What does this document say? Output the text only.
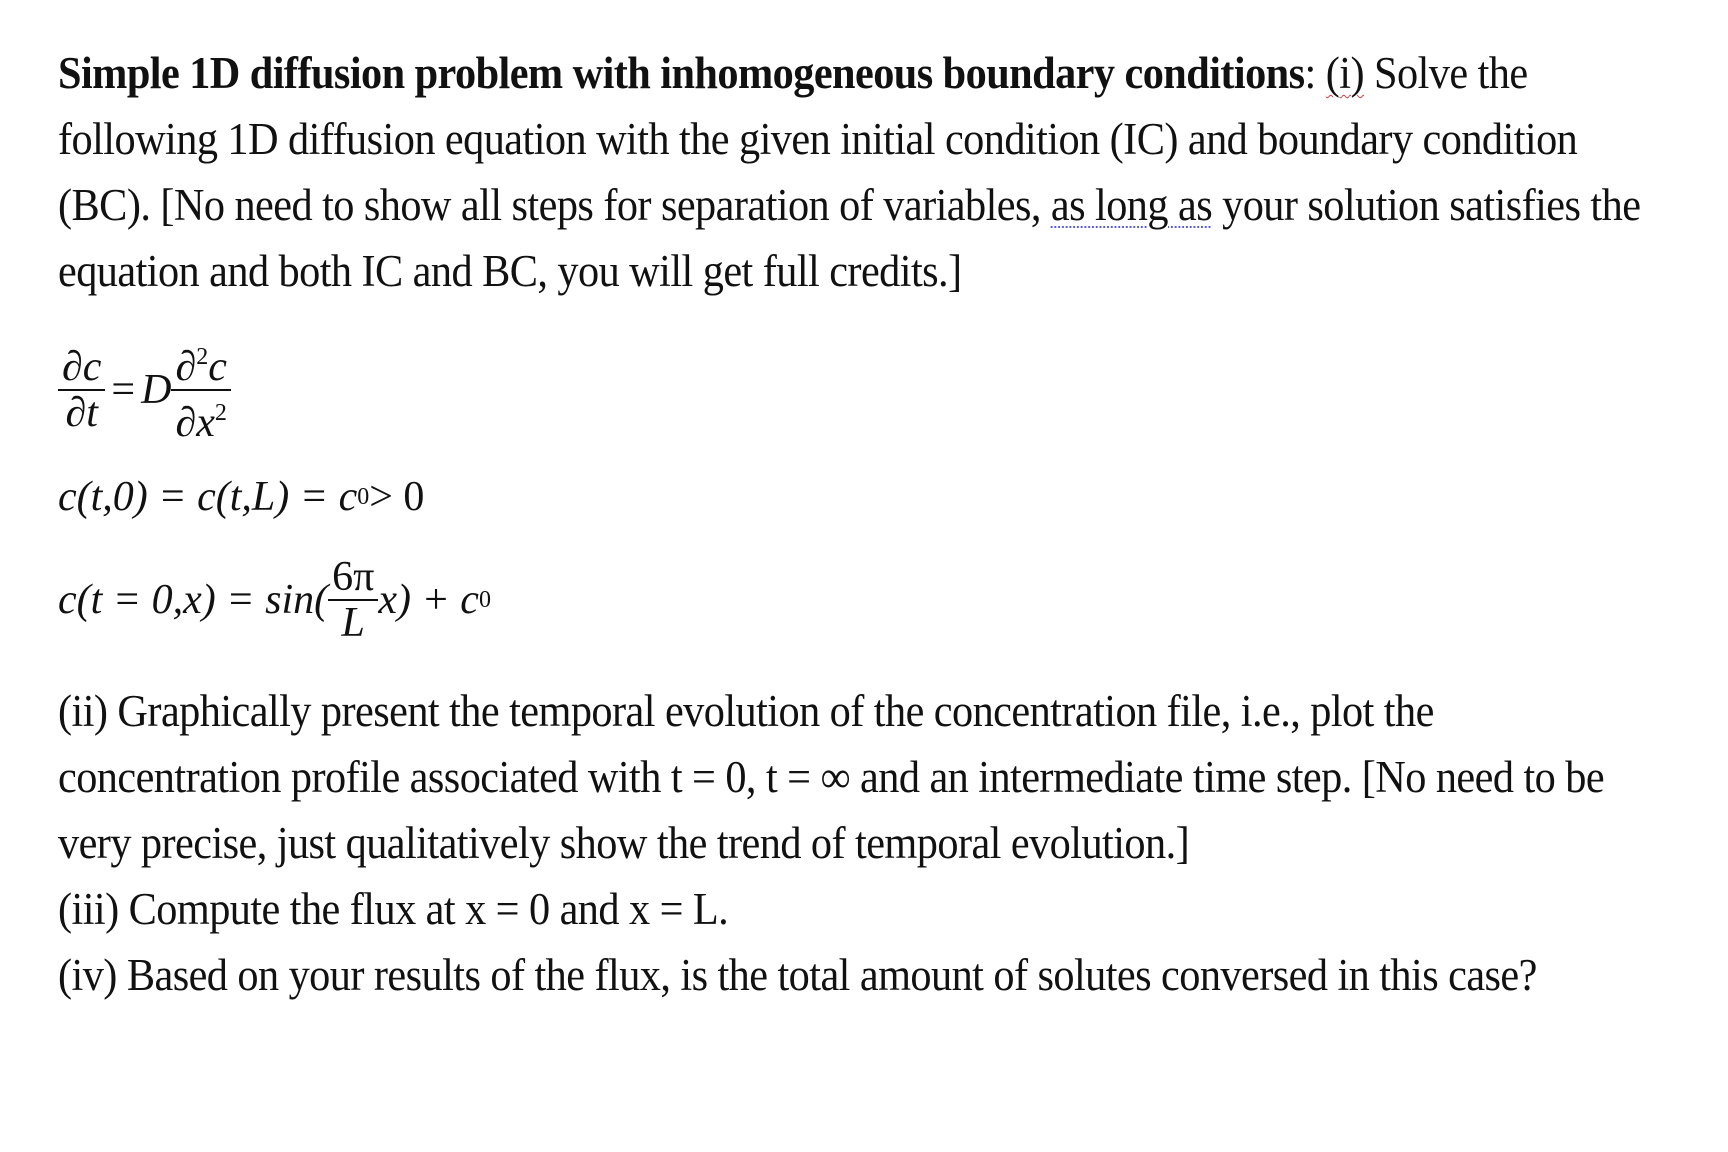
Simple 1D diffusion problem with inhomogeneous boundary conditions: (i) Solve the
following 1D diffusion equation with the given initial condition (IC) and boundary condition
(BC). [No need to show all steps for separation of variables, as long as your solution satisfies the
equation and both IC and BC, you will get full credits.]
$\frac{\partial c}{\partial t} = D \frac{\partial^2c}{\partial x^2}$
c(t,0) = c(t,L) = c 0 > 0
$c(t = 0,x) = \sin( \frac{6\pi}{L} x) + c$ 0
(ii) Graphically present the temporal evolution of the concentration file, i.e., plot the
concentration profile associated with t = 0, t = ∞ and an intermediate time step. [No need to be
very precise, just qualitatively show the trend of temporal evolution.]
(iii) Compute the flux at x = 0 and x = L.
(iv) Based on your results of the flux, is the total amount of solutes conversed in this case?
